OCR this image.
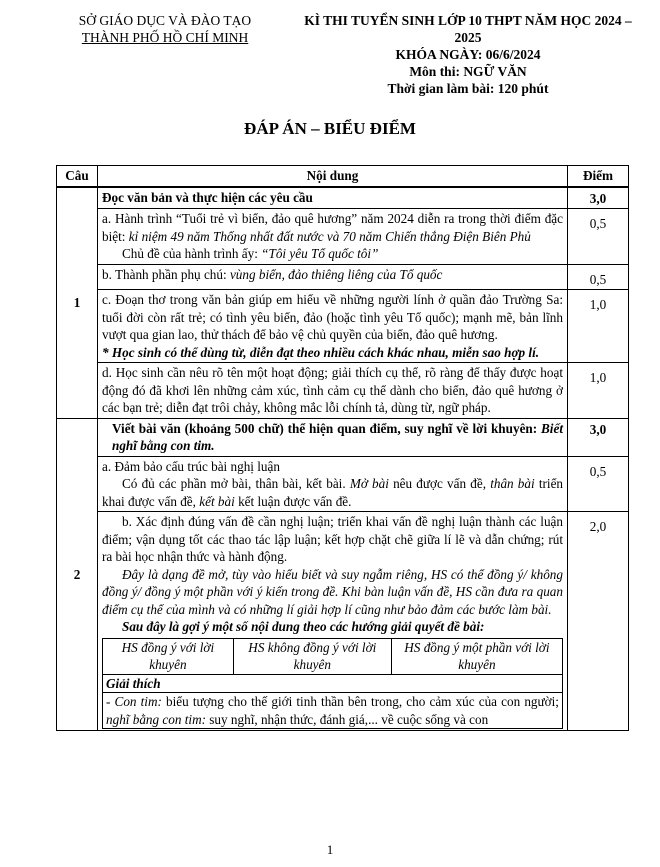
SỞ GIÁO DỤC VÀ ĐÀO TẠO
THÀNH PHỐ HỒ CHÍ MINH
KÌ THI TUYỂN SINH LỚP 10 THPT NĂM HỌC 2024 – 2025
KHÓA NGÀY: 06/6/2024
Môn thi: NGỮ VĂN
Thời gian làm bài: 120 phút
ĐÁP ÁN – BIỂU ĐIỂM
Câu	Nội dung	Điểm
1	Đọc văn bản và thực hiện các yêu cầu	3,0
a. Hành trình “Tuổi trẻ vì biển, đảo quê hương” năm 2024 diễn ra trong thời điểm đặc biệt: kỉ niệm 49 năm Thống nhất đất nước và 70 năm Chiến thắng Điện Biên Phủ
Chủ đề của hành trình ấy: “Tôi yêu Tổ quốc tôi”
	0,5
b. Thành phần phụ chú: vùng biển, đảo thiêng liêng của Tổ quốc	0,5

c. Đoạn thơ trong văn bản giúp em hiểu về những người lính ở quần đảo Trường Sa: tuổi đời còn rất trẻ; có tình yêu biển, đảo (hoặc tình yêu Tổ quốc); mạnh mẽ, bản lĩnh vượt qua gian lao, thử thách để bảo vệ chủ quyền của biển, đảo quê hương.
* Học sinh có thể dùng từ, diễn đạt theo nhiều cách khác nhau, miễn sao hợp lí.
	1,0
d. Học sinh cần nêu rõ tên một hoạt động; giải thích cụ thể, rõ ràng để thấy được hoạt động đó đã khơi lên những cảm xúc, tình cảm cụ thể dành cho biển, đảo quê hương ở các bạn trẻ; diễn đạt trôi chảy, không mắc lỗi chính tả, dùng từ, ngữ pháp.	1,0
2	Viết bài văn (khoảng 500 chữ) thể hiện quan điểm, suy nghĩ về lời khuyên: Biết nghĩ bằng con tim.	3,0

a. Đảm bảo cấu trúc bài nghị luận
Có đủ các phần mở bài, thân bài, kết bài. Mở bài nêu được vấn đề, thân bài triển khai được vấn đề, kết bài kết luận được vấn đề.
	0,5

b. Xác định đúng vấn đề cần nghị luận; triển khai vấn đề nghị luận thành các luận điểm; vận dụng tốt các thao tác lập luận; kết hợp chặt chẽ giữa lí lẽ và dẫn chứng; rút ra bài học nhận thức và hành động.
Đây là dạng đề mở, tùy vào hiểu biết và suy ngẫm riêng, HS có thể đồng ý/ không đồng ý/ đồng ý một phần với ý kiến trong đề. Khi bàn luận vấn đề, HS cần đưa ra quan điểm cụ thể của mình và có những lí giải hợp lí cũng như bảo đảm các bước làm bài.
Sau đây là gợi ý một số nội dung theo các hướng giải quyết đề bài:
HS đồng ý với lời khuyên	HS không đồng ý với lời khuyên	HS đồng ý một phần với lời khuyên
Giải thích
- Con tim: biểu tượng cho thế giới tinh thần bên trong, cho cảm xúc của con người; nghĩ bằng con tim: suy nghĩ, nhận thức, đánh giá,... về cuộc sống và con
	2,0
1
